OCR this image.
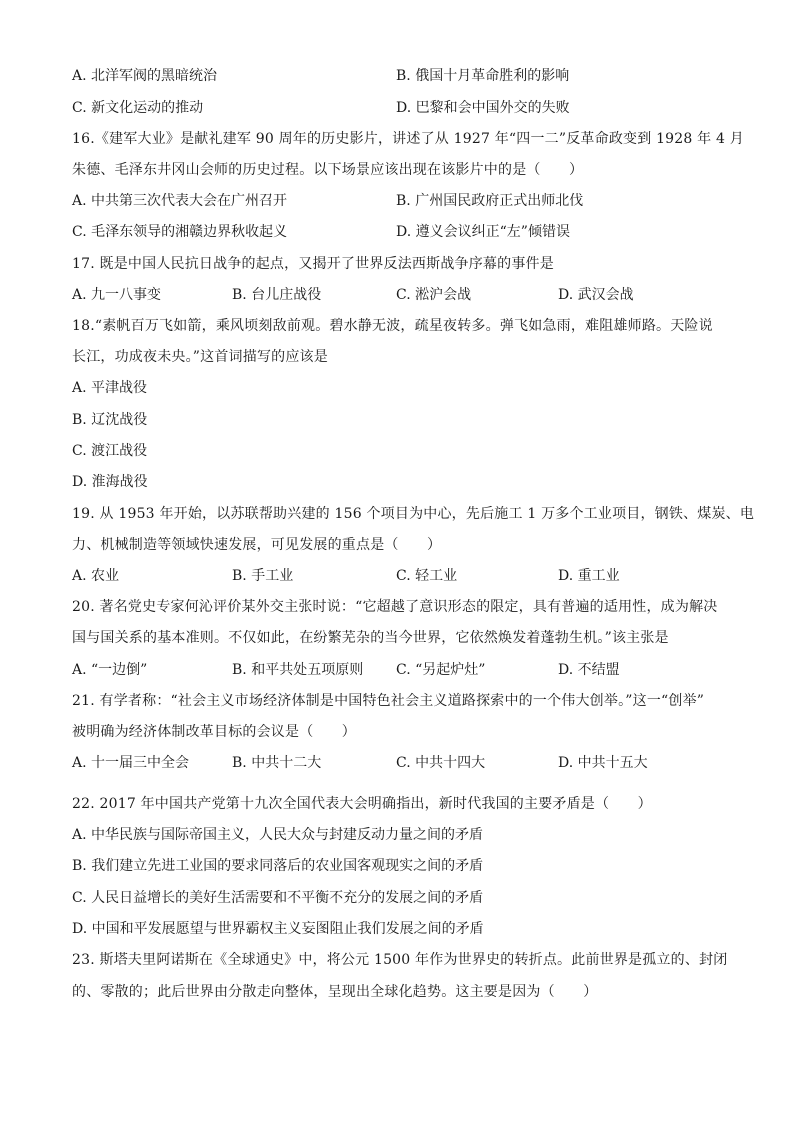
A. 北洋军阀的黑暗统治	B. 俄国十月革命胜利的影响
C. 新文化运动的推动	D. 巴黎和会中国外交的失败
16.《建军大业》是献礼建军 90 周年的历史影片，讲述了从 1927 年“四一二”反革命政变到 1928 年 4 月
朱德、毛泽东井冈山会师的历史过程。以下场景应该出现在该影片中的是（　　）
A. 中共第三次代表大会在广州召开	B. 广州国民政府正式出师北伐
C. 毛泽东领导的湘赣边界秋收起义	D. 遵义会议纠正“左”倾错误
17. 既是中国人民抗日战争的起点，又揭开了世界反法西斯战争序幕的事件是
A. 九一八事变	B. 台儿庄战役	C. 淞沪会战	D. 武汉会战
18.“素帆百万飞如箭，乘风顷刻敌前观。碧水静无波，疏星夜转多。弹飞如急雨，难阻雄师路。天险说
长江，功成夜未央。”这首词描写的应该是
A. 平津战役
B. 辽沈战役
C. 渡江战役
D. 淮海战役
19. 从 1953 年开始，以苏联帮助兴建的 156 个项目为中心，先后施工 1 万多个工业项目，钢铁、煤炭、电
力、机械制造等领域快速发展，可见发展的重点是（　　）
A. 农业	B. 手工业	C. 轻工业	D. 重工业
20. 著名党史专家何沁评价某外交主张时说：“它超越了意识形态的限定，具有普遍的适用性，成为解决
国与国关系的基本准则。不仅如此，在纷繁芜杂的当今世界，它依然焕发着蓬勃生机。”该主张是
A. “一边倒”	B. 和平共处五项原则 C. “另起炉灶”	D. 不结盟
21. 有学者称：“社会主义市场经济体制是中国特色社会主义道路探索中的一个伟大创举。”这一“创举”
被明确为经济体制改革目标的会议是（　　）
A. 十一届三中全会	B. 中共十二大	C. 中共十四大	D. 中共十五大
22. 2017 年中国共产党第十九次全国代表大会明确指出，新时代我国的主要矛盾是（　　）
A. 中华民族与国际帝国主义，人民大众与封建反动力量之间的矛盾
B. 我们建立先进工业国的要求同落后的农业国客观现实之间的矛盾
C. 人民日益增长的美好生活需要和不平衡不充分的发展之间的矛盾
D. 中国和平发展愿望与世界霸权主义妄图阻止我们发展之间的矛盾
23. 斯塔夫里阿诺斯在《全球通史》中，将公元 1500 年作为世界史的转折点。此前世界是孤立的、封闭
的、零散的；此后世界由分散走向整体，呈现出全球化趋势。这主要是因为（　　）
